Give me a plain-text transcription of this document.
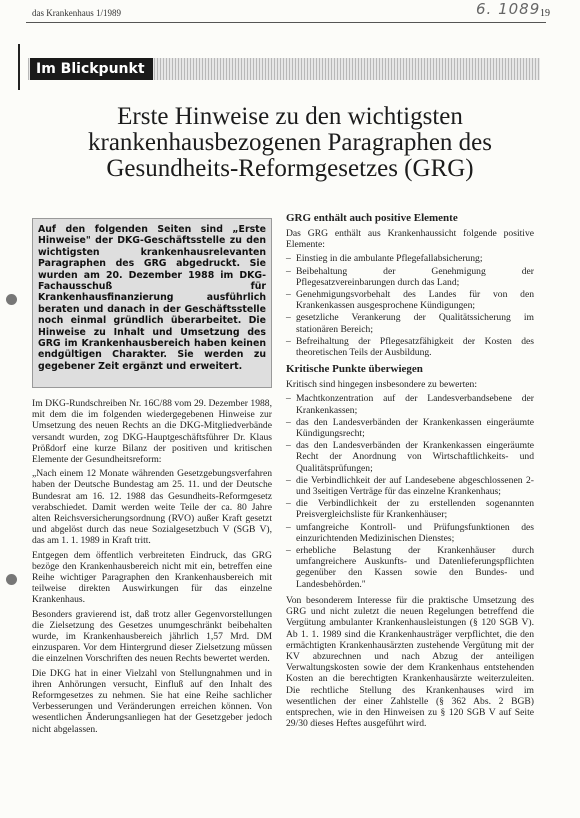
das Krankenhaus 1/1989	19
6. 1089
Im Blickpunkt
Erste Hinweise zu den wichtigsten krankenhausbezogenen Paragraphen des Gesundheits-Reformgesetzes (GRG)

Auf den folgenden Seiten sind „Erste Hinweise" der DKG-Geschäftsstelle zu den wichtigsten krankenhausrelevanten Paragraphen des GRG abgedruckt. Sie wurden am 20. Dezember 1988 im DKG-Fachausschuß für Krankenhausfinanzierung ausführlich beraten und danach in der Geschäftsstelle noch einmal gründlich überarbeitet. Die Hinweise zu Inhalt und Umsetzung des GRG im Krankenhausbereich haben keinen endgültigen Charakter. Sie werden zu gegebener Zeit ergänzt und erweitert.

Im DKG-Rundschreiben Nr. 16C/88 vom 29. Dezember 1988, mit dem die im folgenden wiedergegebenen Hinweise zur Umsetzung des neuen Rechts an die DKG-Mitgliedverbände versandt wurden, zog DKG-Hauptgeschäftsführer Dr. Klaus Prößdorf eine kurze Bilanz der positiven und kritischen Elemente der Gesundheitsreform:

„Nach einem 12 Monate währenden Gesetzgebungsverfahren haben der Deutsche Bundestag am 25. 11. und der Deutsche Bundesrat am 16. 12. 1988 das Gesundheits-Reformgesetz verabschiedet. Damit werden weite Teile der ca. 80 Jahre alten Reichsversicherungsordnung (RVO) außer Kraft gesetzt und abgelöst durch das neue Sozialgesetzbuch V (SGB V), das am 1. 1. 1989 in Kraft tritt.

Entgegen dem öffentlich verbreiteten Eindruck, das GRG bezöge den Krankenhausbereich nicht mit ein, betreffen eine Reihe wichtiger Paragraphen den Krankenhausbereich mit teilweise direkten Auswirkungen für das einzelne Krankenhaus.

Besonders gravierend ist, daß trotz aller Gegenvorstellungen die Zielsetzung des Gesetzes unumgeschränkt beibehalten wurde, im Krankenhausbereich jährlich 1,57 Mrd. DM einzusparen. Vor dem Hintergrund dieser Zielsetzung müssen die einzelnen Vorschriften des neuen Rechts bewertet werden.

Die DKG hat in einer Vielzahl von Stellungnahmen und in ihren Anhörungen versucht, Einfluß auf den Inhalt des Reformgesetzes zu nehmen. Sie hat eine Reihe sachlicher Verbesserungen und Veränderungen erreichen können. Von wesentlichen Änderungsanliegen hat der Gesetzgeber jedoch nicht abgelassen.

GRG enthält auch positive Elemente

Das GRG enthält aus Krankenhaussicht folgende positive Elemente:

– Einstieg in die ambulante Pflegefallabsicherung;
– Beibehaltung der Genehmigung der Pflegesatzvereinbarungen durch das Land;
– Genehmigungsvorbehalt des Landes für von den Krankenkassen ausgesprochene Kündigungen;
– gesetzliche Verankerung der Qualitätssicherung im stationären Bereich;
– Befreihaltung der Pflegesatzfähigkeit der Kosten des theoretischen Teils der Ausbildung.
Kritische Punkte überwiegen

Kritisch sind hingegen insbesondere zu bewerten:

– Machtkonzentration auf der Landesverbandsebene der Krankenkassen;
– das den Landesverbänden der Krankenkassen eingeräumte Kündigungsrecht;
– das den Landesverbänden der Krankenkassen eingeräumte Recht der Anordnung von Wirtschaftlichkeits- und Qualitätsprüfungen;
– die Verbindlichkeit der auf Landesebene abgeschlossenen 2- und 3seitigen Verträge für das einzelne Krankenhaus;
– die Verbindlichkeit der zu erstellenden sogenannten Preisvergleichsliste für Krankenhäuser;
– umfangreiche Kontroll- und Prüfungsfunktionen des einzurichtenden Medizinischen Dienstes;
– erhebliche Belastung der Krankenhäuser durch umfangreichere Auskunfts- und Datenlieferungspflichten gegenüber den Kassen sowie den Bundes- und Landesbehörden."

Von besonderem Interesse für die praktische Umsetzung des GRG und nicht zuletzt die neuen Regelungen betreffend die Vergütung ambulanter Krankenhausleistungen (§ 120 SGB V). Ab 1. 1. 1989 sind die Krankenhausträger verpflichtet, die den ermächtigten Krankenhausärzten zustehende Vergütung mit der KV abzurechnen und nach Abzug der anteiligen Verwaltungskosten sowie der dem Krankenhaus entstehenden Kosten an die berechtigten Krankenhausärzte weiterzuleiten. Die rechtliche Stellung des Krankenhauses wird im wesentlichen der einer Zahlstelle (§ 362 Abs. 2 BGB) entsprechen, wie in den Hinweisen zu § 120 SGB V auf Seite 29/30 dieses Heftes ausgeführt wird.
